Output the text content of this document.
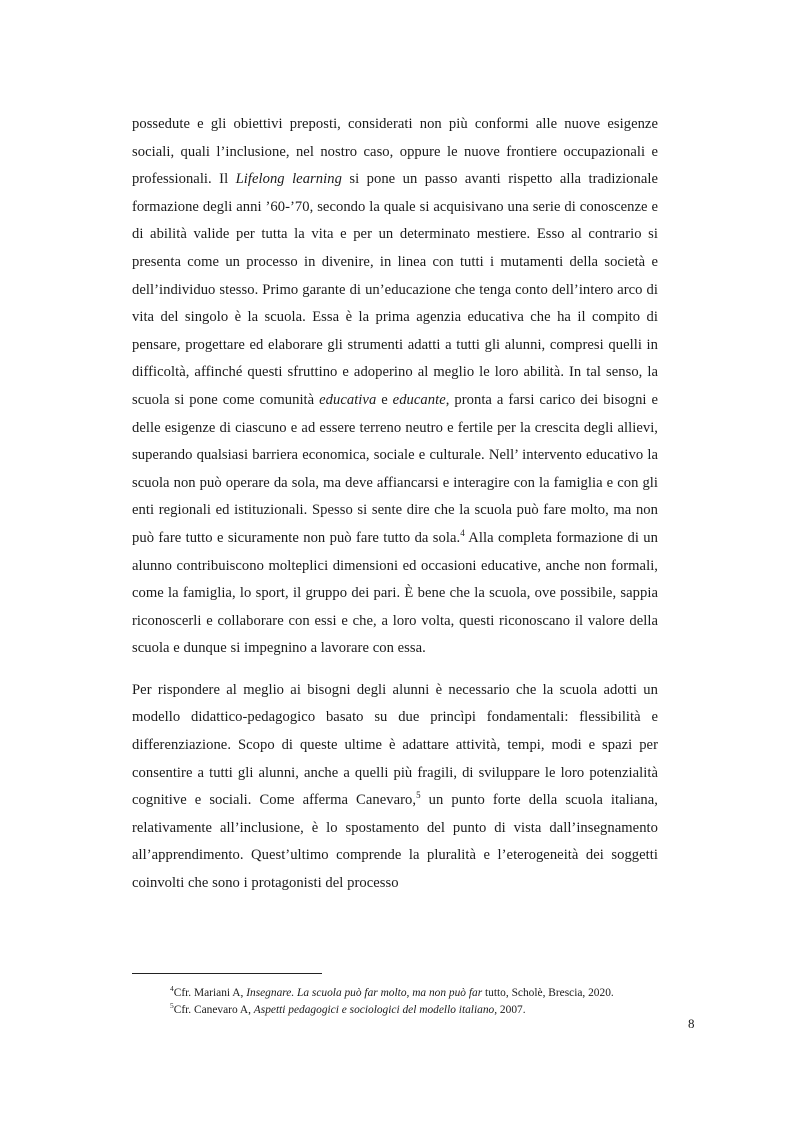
possedute e gli obiettivi preposti, considerati non più conformi alle nuove esigenze sociali, quali l’inclusione, nel nostro caso, oppure le nuove frontiere occupazionali e professionali. Il Lifelong learning si pone un passo avanti rispetto alla tradizionale formazione degli anni ’60-’70, secondo la quale si acquisivano una serie di conoscenze e di abilità valide per tutta la vita e per un determinato mestiere. Esso al contrario si presenta come un processo in divenire, in linea con tutti i mutamenti della società e dell’individuo stesso. Primo garante di un’educazione che tenga conto dell’intero arco di vita del singolo è la scuola. Essa è la prima agenzia educativa che ha il compito di pensare, progettare ed elaborare gli strumenti adatti a tutti gli alunni, compresi quelli in difficoltà, affinché questi sfruttino e adoperino al meglio le loro abilità. In tal senso, la scuola si pone come comunità educativa e educante, pronta a farsi carico dei bisogni e delle esigenze di ciascuno e ad essere terreno neutro e fertile per la crescita degli allievi, superando qualsiasi barriera economica, sociale e culturale. Nell’ intervento educativo la scuola non può operare da sola, ma deve affiancarsi e interagire con la famiglia e con gli enti regionali ed istituzionali. Spesso si sente dire che la scuola può fare molto, ma non può fare tutto e sicuramente non può fare tutto da sola.$^4$ Alla completa formazione di un alunno contribuiscono molteplici dimensioni ed occasioni educative, anche non formali, come la famiglia, lo sport, il gruppo dei pari. È bene che la scuola, ove possibile, sappia riconoscerli e collaborare con essi e che, a loro volta, questi riconoscano il valore della scuola e dunque si impegnino a lavorare con essa.

Per rispondere al meglio ai bisogni degli alunni è necessario che la scuola adotti un modello didattico-pedagogico basato su due princìpi fondamentali: flessibilità e differenziazione. Scopo di queste ultime è adattare attività, tempi, modi e spazi per consentire a tutti gli alunni, anche a quelli più fragili, di sviluppare le loro potenzialità cognitive e sociali. Come afferma Canevaro,$^5$ un punto forte della scuola italiana, relativamente all’inclusione, è lo spostamento del punto di vista dall’insegnamento all’apprendimento. Quest’ultimo comprende la pluralità e l’eterogeneità dei soggetti coinvolti che sono i protagonisti del processo

$^4$Cfr. Mariani A, Insegnare. La scuola può far molto, ma non può far tutto, Scholè, Brescia, 2020.
$^5$Cfr. Canevaro A, Aspetti pedagogici e sociologici del modello italiano, 2007.
8
